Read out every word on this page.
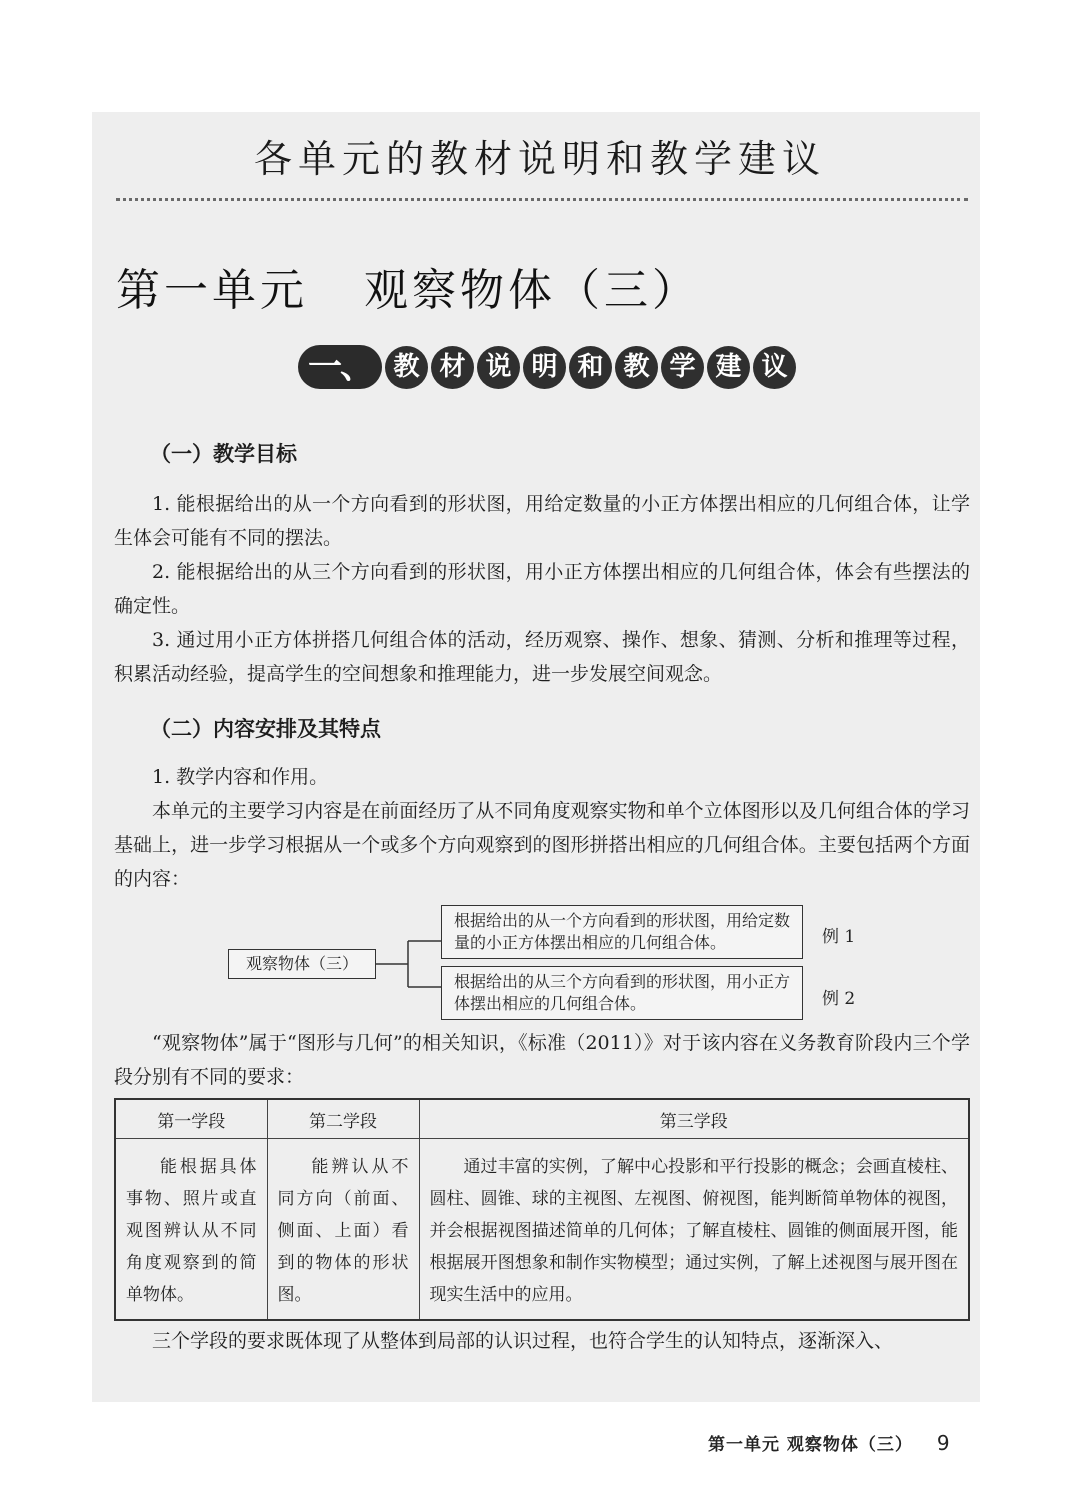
各单元的教材说明和教学建议
第一单元 观察物体（三）
一、 教 材 说 明 和 教 学 建 议
（一）教学目标
1. 能根据给出的从一个方向看到的形状图，用给定数量的小正方体摆出相应的几何组合体，让学生体会可能有不同的摆法。
2. 能根据给出的从三个方向看到的形状图，用小正方体摆出相应的几何组合体，体会有些摆法的确定性。
3. 通过用小正方体拼搭几何组合体的活动，经历观察、操作、想象、猜测、分析和推理等过程，积累活动经验，提高学生的空间想象和推理能力，进一步发展空间观念。
（二）内容安排及其特点
1. 教学内容和作用。
本单元的主要学习内容是在前面经历了从不同角度观察实物和单个立体图形以及几何组合体的学习基础上，进一步学习根据从一个或多个方向观察到的图形拼搭出相应的几何组合体。主要包括两个方面的内容：
观察物体（三）
根据给出的从一个方向看到的形状图，用给定数量的小正方体摆出相应的几何组合体。
根据给出的从三个方向看到的形状图，用小正方体摆出相应的几何组合体。
例 1
例 2
“观察物体”属于“图形与几何”的相关知识，《标准（2011）》对于该内容在义务教育阶段内三个学段分别有不同的要求：
第一学段	第二学段	第三学段
能根据具体事物、照片或直观图辨认从不同角度观察到的简单物体。	能辨认从不同方向（前面、侧面、上面）看到的物体的形状图。	通过丰富的实例，了解中心投影和平行投影的概念；会画直棱柱、圆柱、圆锥、球的主视图、左视图、俯视图，能判断简单物体的视图，并会根据视图描述简单的几何体；了解直棱柱、圆锥的侧面展开图，能根据展开图想象和制作实物模型；通过实例，了解上述视图与展开图在现实生活中的应用。
三个学段的要求既体现了从整体到局部的认识过程，也符合学生的认知特点，逐渐深入、
第一单元 观察物体（三） 9
